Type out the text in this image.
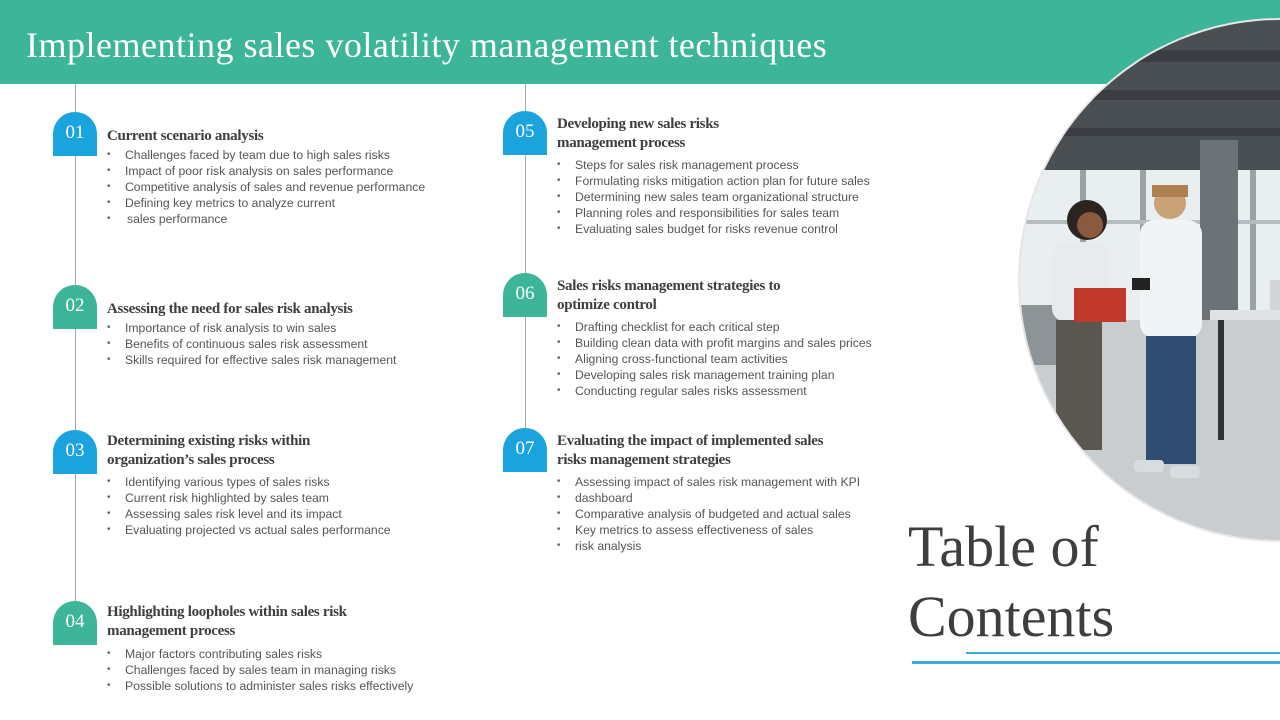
Implementing sales volatility management techniques
01	Current scenario analysis
• Challenges faced by team due to high sales risks
• Impact of poor risk analysis on sales performance
• Competitive analysis of sales and revenue performance
• Defining key metrics to analyze current
• sales performance
02	Assessing the need for sales risk analysis
• Importance of risk analysis to win sales
• Benefits of continuous sales risk assessment
• Skills required for effective sales risk management
03	Determining existing risks within
organization’s sales process
• Identifying various types of sales risks
• Current risk highlighted by sales team
• Assessing sales risk level and its impact
• Evaluating projected vs actual sales performance
04	Highlighting loopholes within sales risk
management process
• Major factors contributing sales risks
• Challenges faced by sales team in managing risks
• Possible solutions to administer sales risks effectively
05	Developing new sales risks
management process
• Steps for sales risk management process
• Formulating risks mitigation action plan for future sales
• Determining new sales team organizational structure
• Planning roles and responsibilities for sales team
• Evaluating sales budget for risks revenue control
06	Sales risks management strategies to
optimize control
• Drafting checklist for each critical step
• Building clean data with profit margins and sales prices
• Aligning cross-functional team activities
• Developing sales risk management training plan
• Conducting regular sales risks assessment
07	Evaluating the impact of implemented sales
risks management strategies
• Assessing impact of sales risk management with KPI
• dashboard
• Comparative analysis of budgeted and actual sales
• Key metrics to assess effectiveness of sales
• risk analysis	Table of
Contents
